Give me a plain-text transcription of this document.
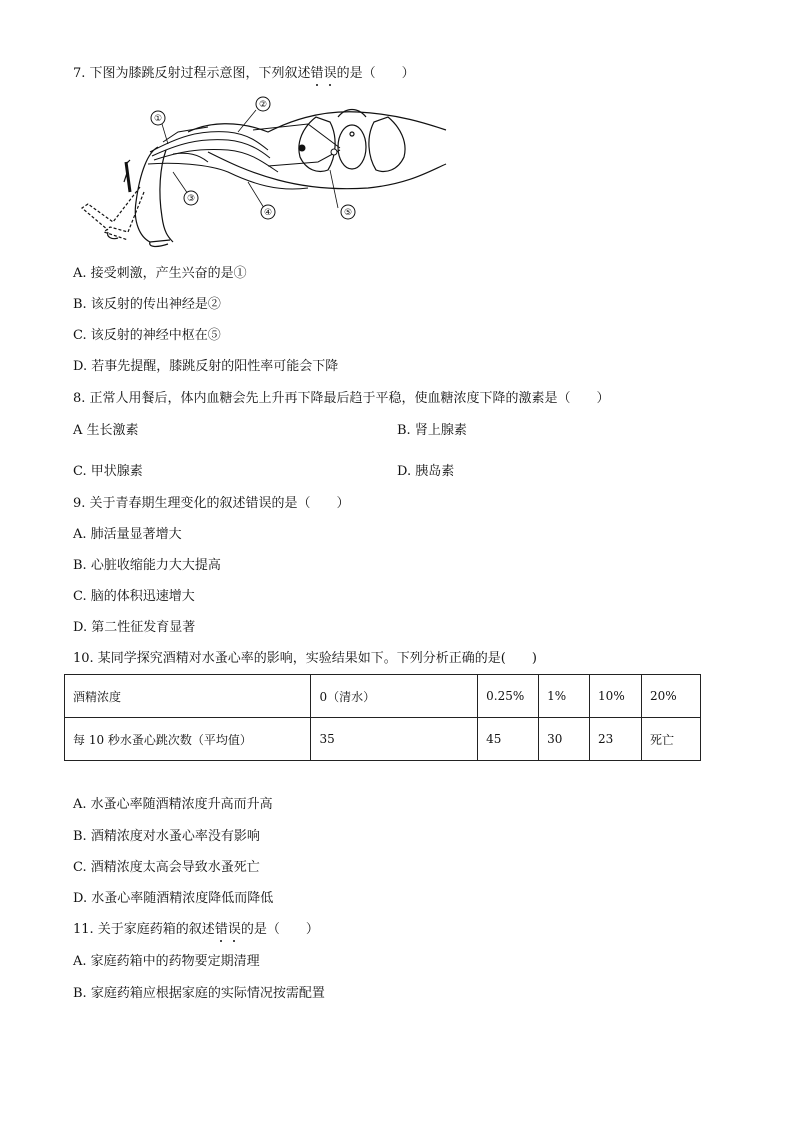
7. 下图为膝跳反射过程示意图，下列叙述错误的是（　　）
①
②
③
④	⑤
A. 接受刺激，产生兴奋的是①
B. 该反射的传出神经是②
C. 该反射的神经中枢在⑤
D. 若事先提醒，膝跳反射的阳性率可能会下降
8. 正常人用餐后，体内血糖会先上升再下降最后趋于平稳，使血糖浓度下降的激素是（　　）
A 生长激素	B. 肾上腺素
C. 甲状腺素	D. 胰岛素
9. 关于青春期生理变化的叙述错误的是（　　）
A. 肺活量显著增大
B. 心脏收缩能力大大提高
C. 脑的体积迅速增大
D. 第二性征发育显著
10. 某同学探究酒精对水蚤心率的影响，实验结果如下。下列分析正确的是(　　)
酒精浓度	0（清水）	0.25%	1%	10%	20%
每 10 秒水蚤心跳次数（平均值）	35	45	30	23	死亡
A. 水蚤心率随酒精浓度升高而升高
B. 酒精浓度对水蚤心率没有影响
C. 酒精浓度太高会导致水蚤死亡
D. 水蚤心率随酒精浓度降低而降低
11. 关于家庭药箱的叙述错误的是（　　）
A. 家庭药箱中的药物要定期清理
B. 家庭药箱应根据家庭的实际情况按需配置
